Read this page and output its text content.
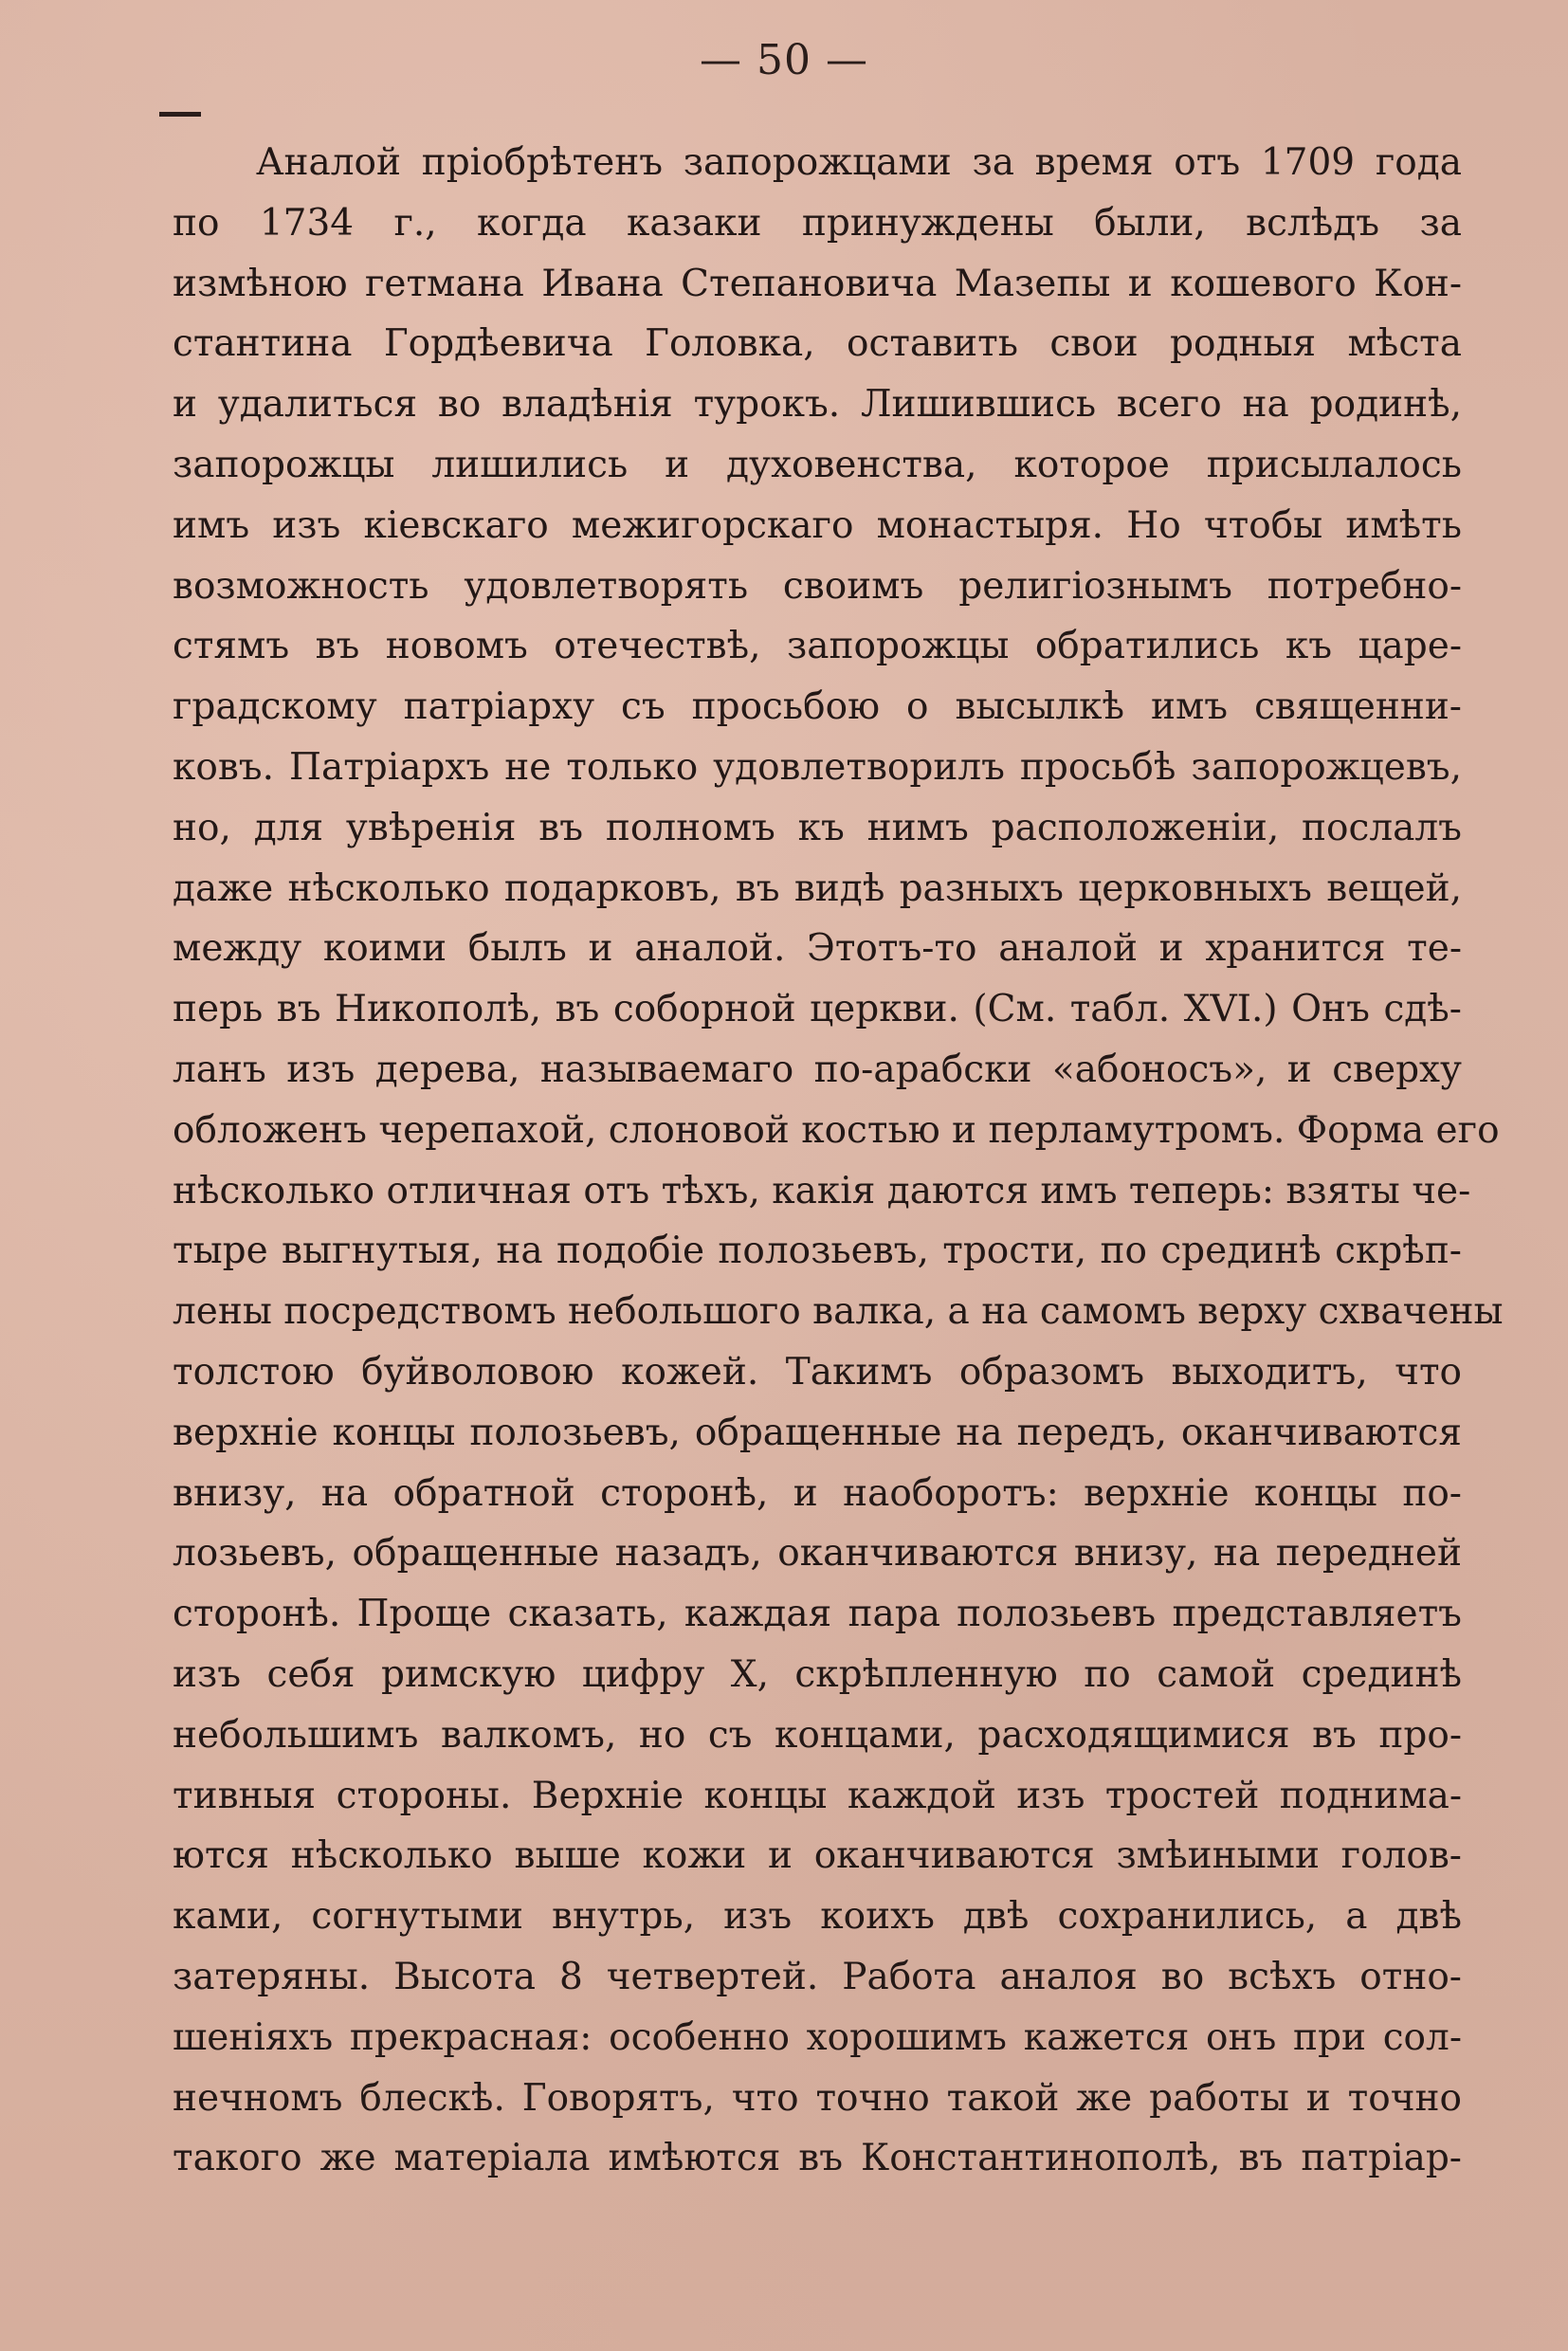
— 50 —
Аналой пріобрѣтенъ запорожцами за время отъ 1709 года
по 1734 г., когда казаки принуждены были, вслѣдъ за
измѣною гетмана Ивана Степановича Мазепы и кошевого Кон-
стантина Гордѣевича Головка, оставить свои родныя мѣста
и удалиться во владѣнія турокъ. Лишившись всего на родинѣ,
запорожцы лишились и духовенства, которое присылалось
имъ изъ кіевскаго межигорскаго монастыря. Но чтобы имѣть
возможность удовлетворять своимъ религіознымъ потребно-
стямъ въ новомъ отечествѣ, запорожцы обратились къ царе-
градскому патріарху съ просьбою о высылкѣ имъ священни-
ковъ. Патріархъ не только удовлетворилъ просьбѣ запорожцевъ,
но, для увѣренія въ полномъ къ нимъ расположеніи, послалъ
даже нѣсколько подарковъ, въ видѣ разныхъ церковныхъ вещей,
между коими былъ и аналой. Этотъ-то аналой и хранится те-
перь въ Никополѣ, въ соборной церкви. (См. табл. XVI.) Онъ сдѣ-
ланъ изъ дерева, называемаго по-арабски «абоносъ», и сверху
обложенъ черепахой, слоновой костью и перламутромъ. Форма его
нѣсколько отличная отъ тѣхъ, какія даются имъ теперь: взяты че-
тыре выгнутыя, на подобіе полозьевъ, трости, по срединѣ скрѣп-
лены посредствомъ небольшого валка, а на самомъ верху схвачены
толстою буйволовою кожей. Такимъ образомъ выходитъ, что
верхніе концы полозьевъ, обращенные на передъ, оканчиваются
внизу, на обратной сторонѣ, и наоборотъ: верхніе концы по-
лозьевъ, обращенные назадъ, оканчиваются внизу, на передней
сторонѣ. Проще сказать, каждая пара полозьевъ представляетъ
изъ себя римскую цифру X, скрѣпленную по самой срединѣ
небольшимъ валкомъ, но съ концами, расходящимися въ про-
тивныя стороны. Верхніе концы каждой изъ тростей поднима-
ются нѣсколько выше кожи и оканчиваются змѣиными голов-
ками, согнутыми внутрь, изъ коихъ двѣ сохранились, а двѣ
затеряны. Высота 8 четвертей. Работа аналоя во всѣхъ отно-
шеніяхъ прекрасная: особенно хорошимъ кажется онъ при сол-
нечномъ блескѣ. Говорятъ, что точно такой же работы и точно
такого же матеріала имѣются въ Константинополѣ, въ патріар-
